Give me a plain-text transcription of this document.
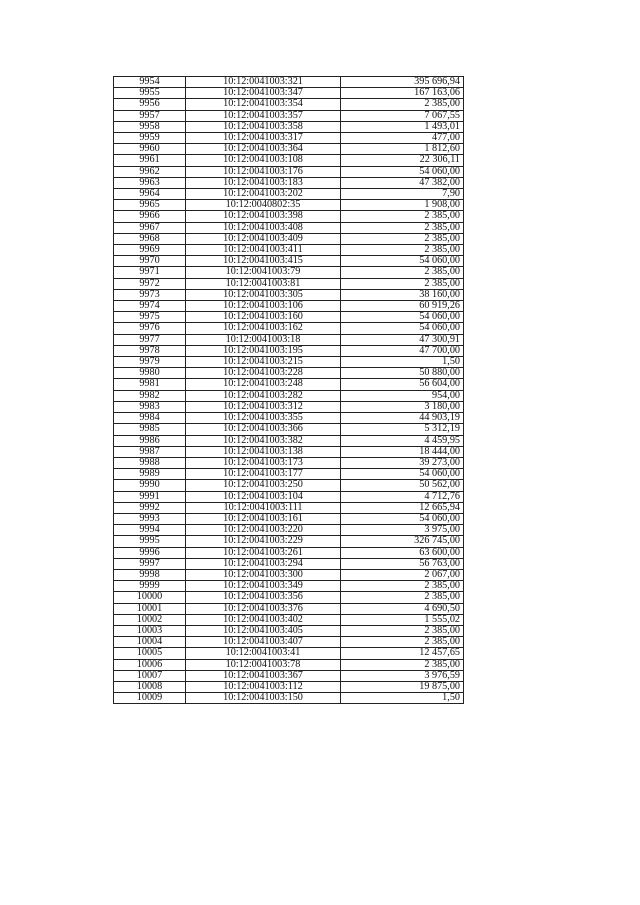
9954	10:12:0041003:321	395 696,94
9955	10:12:0041003:347	167 163,06
9956	10:12:0041003:354	2 385,00
9957	10:12:0041003:357	7 067,55
9958	10:12:0041003:358	1 493,01
9959	10:12:0041003:317	477,00
9960	10:12:0041003:364	1 812,60
9961	10:12:0041003:108	22 306,11
9962	10:12:0041003:176	54 060,00
9963	10:12:0041003:183	47 382,00
9964	10:12:0041003:202	7,90
9965	10:12:0040802:35	1 908,00
9966	10:12:0041003:398	2 385,00
9967	10:12:0041003:408	2 385,00
9968	10:12:0041003:409	2 385,00
9969	10:12:0041003:411	2 385,00
9970	10:12:0041003:415	54 060,00
9971	10:12:0041003:79	2 385,00
9972	10:12:0041003:81	2 385,00
9973	10:12:0041003:305	38 160,00
9974	10:12:0041003:106	60 919,26
9975	10:12:0041003:160	54 060,00
9976	10:12:0041003:162	54 060,00
9977	10:12:0041003:18	47 300,91
9978	10:12:0041003:195	47 700,00
9979	10:12:0041003:215	1,50
9980	10:12:0041003:228	50 880,00
9981	10:12:0041003:248	56 604,00
9982	10:12:0041003:282	954,00
9983	10:12:0041003:312	3 180,00
9984	10:12:0041003:355	44 903,19
9985	10:12:0041003:366	5 312,19
9986	10:12:0041003:382	4 459,95
9987	10:12:0041003:138	18 444,00
9988	10:12:0041003:173	39 273,00
9989	10:12:0041003:177	54 060,00
9990	10:12:0041003:250	50 562,00
9991	10:12:0041003:104	4 712,76
9992	10:12:0041003:111	12 665,94
9993	10:12:0041003:161	54 060,00
9994	10:12:0041003:220	3 975,00
9995	10:12:0041003:229	326 745,00
9996	10:12:0041003:261	63 600,00
9997	10:12:0041003:294	56 763,00
9998	10:12:0041003:300	2 067,00
9999	10:12:0041003:349	2 385,00
10000	10:12:0041003:356	2 385,00
10001	10:12:0041003:376	4 690,50
10002	10:12:0041003:402	1 555,02
10003	10:12:0041003:405	2 385,00
10004	10:12:0041003:407	2 385,00
10005	10:12:0041003:41	12 457,65
10006	10:12:0041003:78	2 385,00
10007	10:12:0041003:367	3 976,59
10008	10:12:0041003:112	19 875,00
10009	10:12:0041003:150	1,50
